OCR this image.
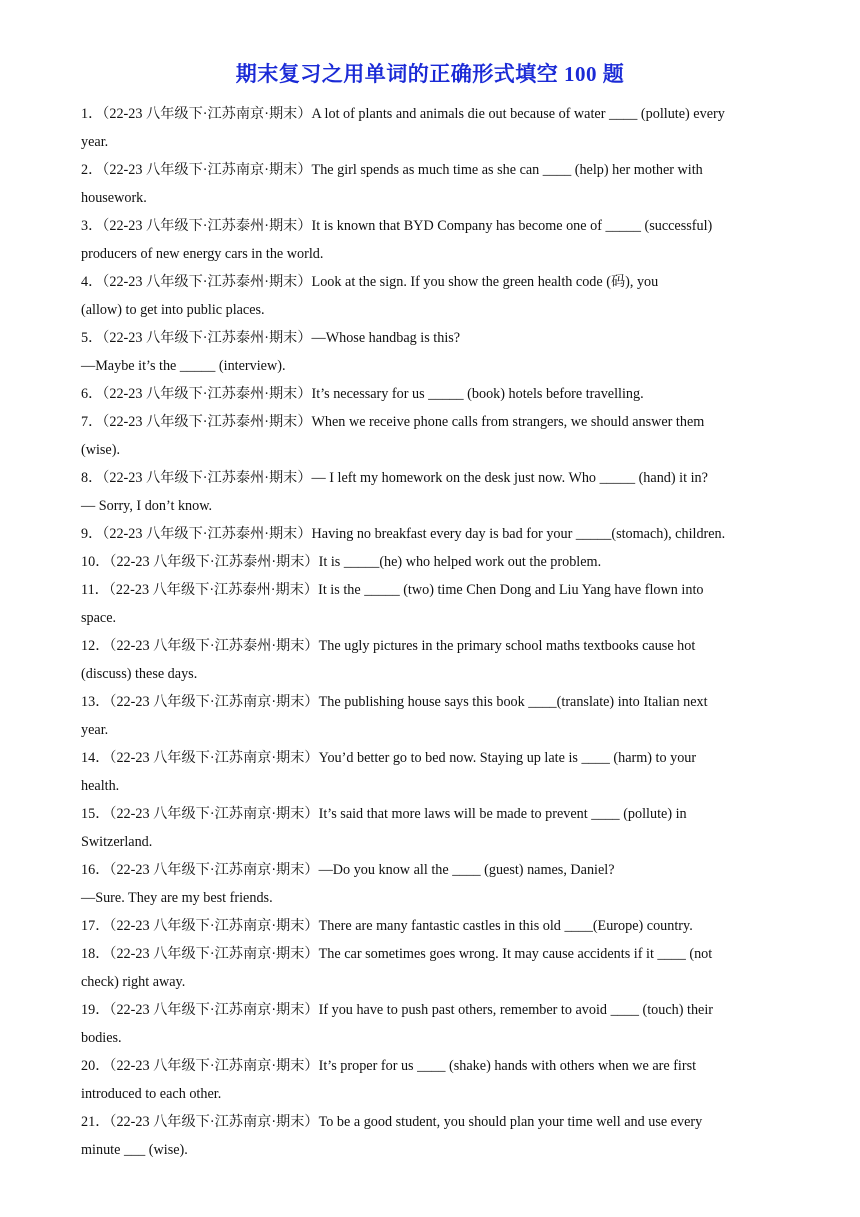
期末复习之用单词的正确形式填空 100 题
1．（22-23 八年级下·江苏南京·期末）A lot of plants and animals die out because of water ____ (pollute) every
year.
2．（22-23 八年级下·江苏南京·期末）The girl spends as much time as she can ____ (help) her mother with
housework.
3．（22-23 八年级下·江苏泰州·期末）It is known that BYD Company has become one of _____ (successful)
producers of new energy cars in the world.
4．（22-23 八年级下·江苏泰州·期末）Look at the sign. If you show the green health code (码), you
(allow) to get into public places.
5．（22-23 八年级下·江苏泰州·期末）—Whose handbag is this?
—Maybe it’s the _____ (interview).
6．（22-23 八年级下·江苏泰州·期末）It’s necessary for us _____ (book) hotels before travelling.
7．（22-23 八年级下·江苏泰州·期末）When we receive phone calls from strangers, we should answer them
(wise).
8．（22-23 八年级下·江苏泰州·期末）— I left my homework on the desk just now. Who _____ (hand) it in?
— Sorry, I don’t know.
9．（22-23 八年级下·江苏泰州·期末）Having no breakfast every day is bad for your _____(stomach), children.
10．（22-23 八年级下·江苏泰州·期末）It is _____(he) who helped work out the problem.
11．（22-23 八年级下·江苏泰州·期末）It is the _____ (two) time Chen Dong and Liu Yang have flown into
space.
12．（22-23 八年级下·江苏泰州·期末）The ugly pictures in the primary school maths textbooks cause hot
(discuss) these days.
13．（22-23 八年级下·江苏南京·期末）The publishing house says this book ____(translate) into Italian next
year.
14．（22-23 八年级下·江苏南京·期末）You’d better go to bed now. Staying up late is ____ (harm) to your
health.
15．（22-23 八年级下·江苏南京·期末）It’s said that more laws will be made to prevent ____ (pollute) in
Switzerland.
16．（22-23 八年级下·江苏南京·期末）—Do you know all the ____ (guest) names, Daniel?
—Sure. They are my best friends.
17．（22-23 八年级下·江苏南京·期末）There are many fantastic castles in this old ____(Europe) country.
18．（22-23 八年级下·江苏南京·期末）The car sometimes goes wrong. It may cause accidents if it ____ (not
check) right away.
19．（22-23 八年级下·江苏南京·期末）If you have to push past others, remember to avoid ____ (touch) their
bodies.
20．（22-23 八年级下·江苏南京·期末）It’s proper for us ____ (shake) hands with others when we are first
introduced to each other.
21．（22-23 八年级下·江苏南京·期末）To be a good student, you should plan your time well and use every
minute ___ (wise).
